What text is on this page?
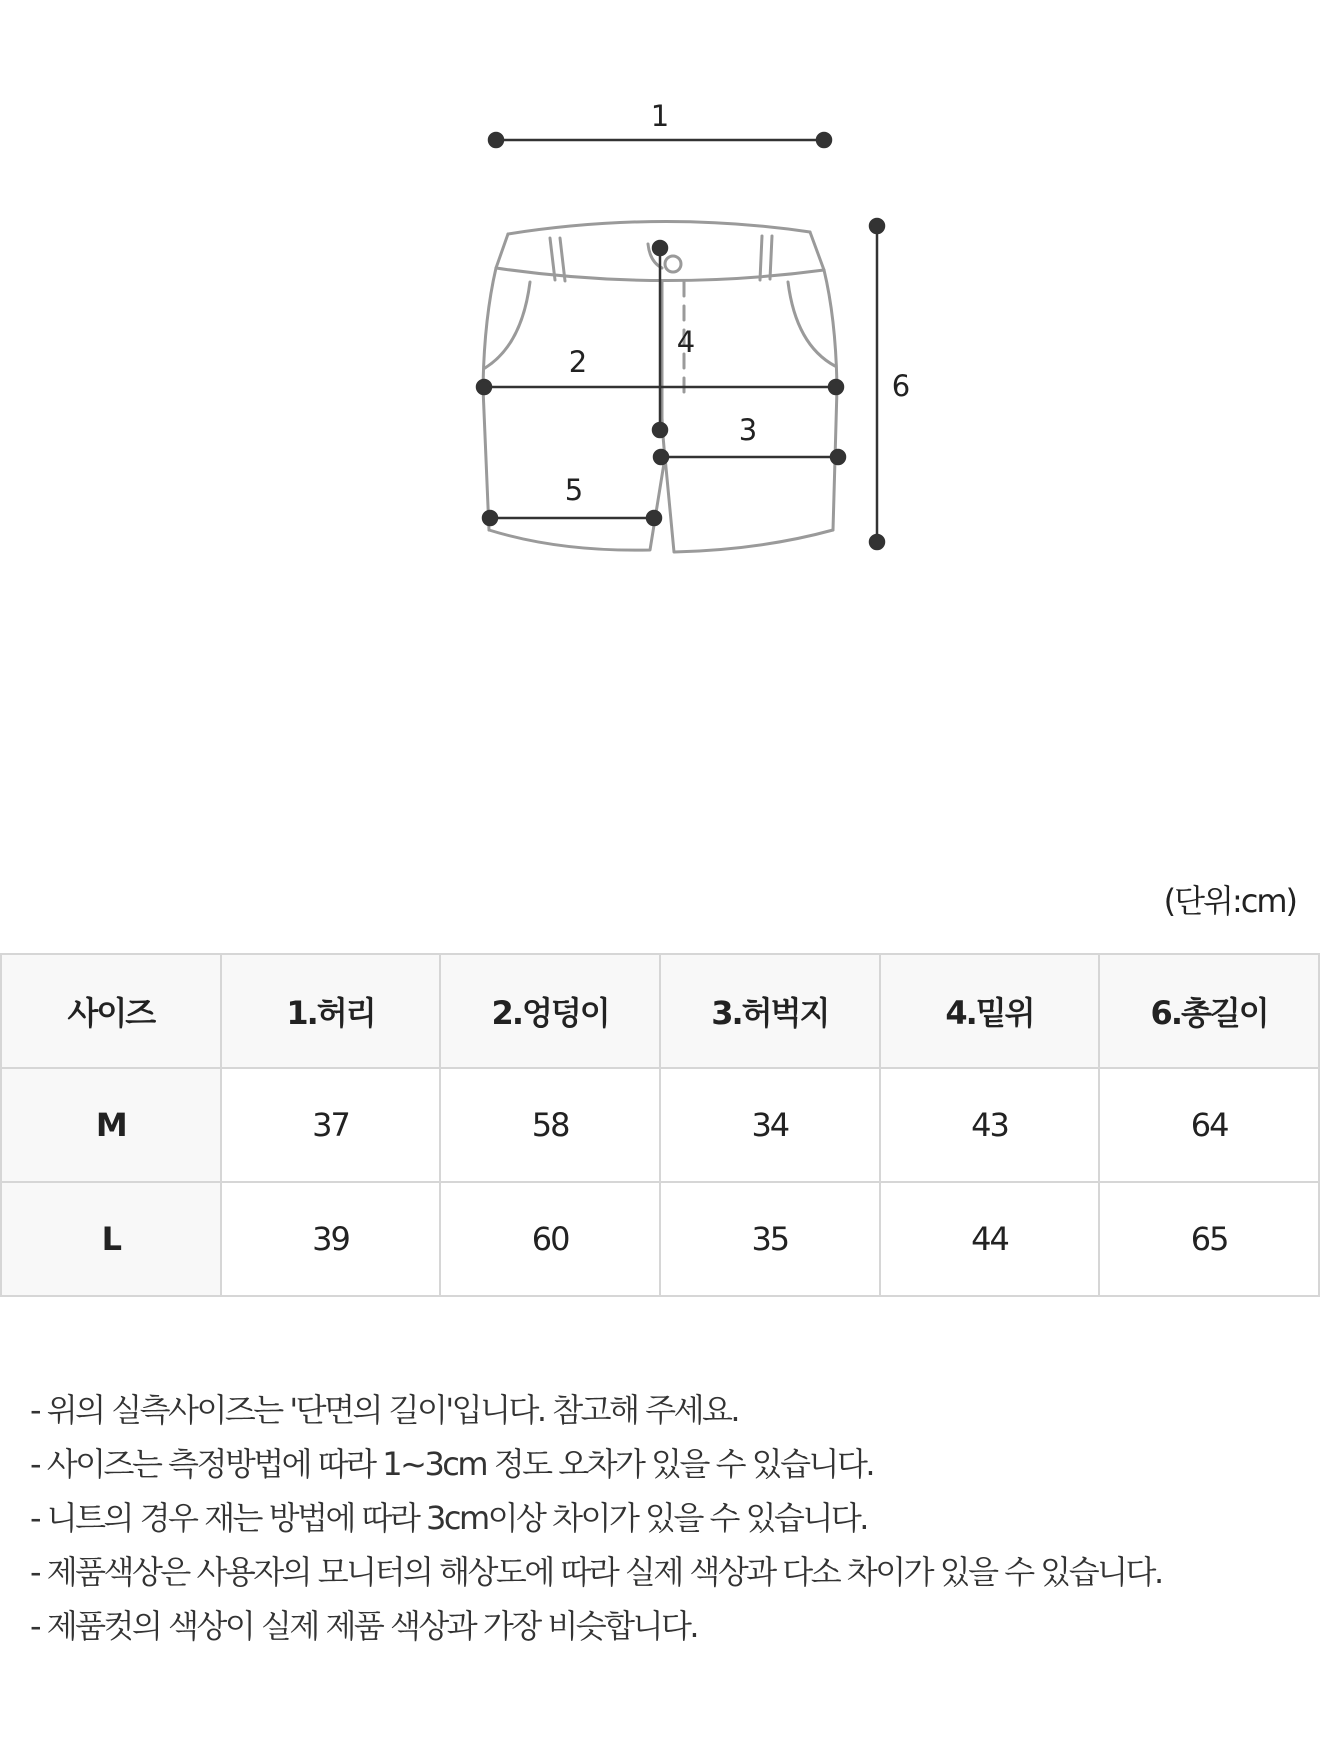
1
2
3
4
5
6
(단위:cm)
사이즈	1.허리	2.엉덩이	3.허벅지	4.밑위	6.총길이
M	37	58	34	43	64
L	39	60	35	44	65
- 위의 실측사이즈는 '단면의 길이'입니다. 참고해 주세요.
- 사이즈는 측정방법에 따라 1~3cm 정도 오차가 있을 수 있습니다.
- 니트의 경우 재는 방법에 따라 3cm이상 차이가 있을 수 있습니다.
- 제품색상은 사용자의 모니터의 해상도에 따라 실제 색상과 다소 차이가 있을 수 있습니다.
- 제품컷의 색상이 실제 제품 색상과 가장 비슷합니다.
